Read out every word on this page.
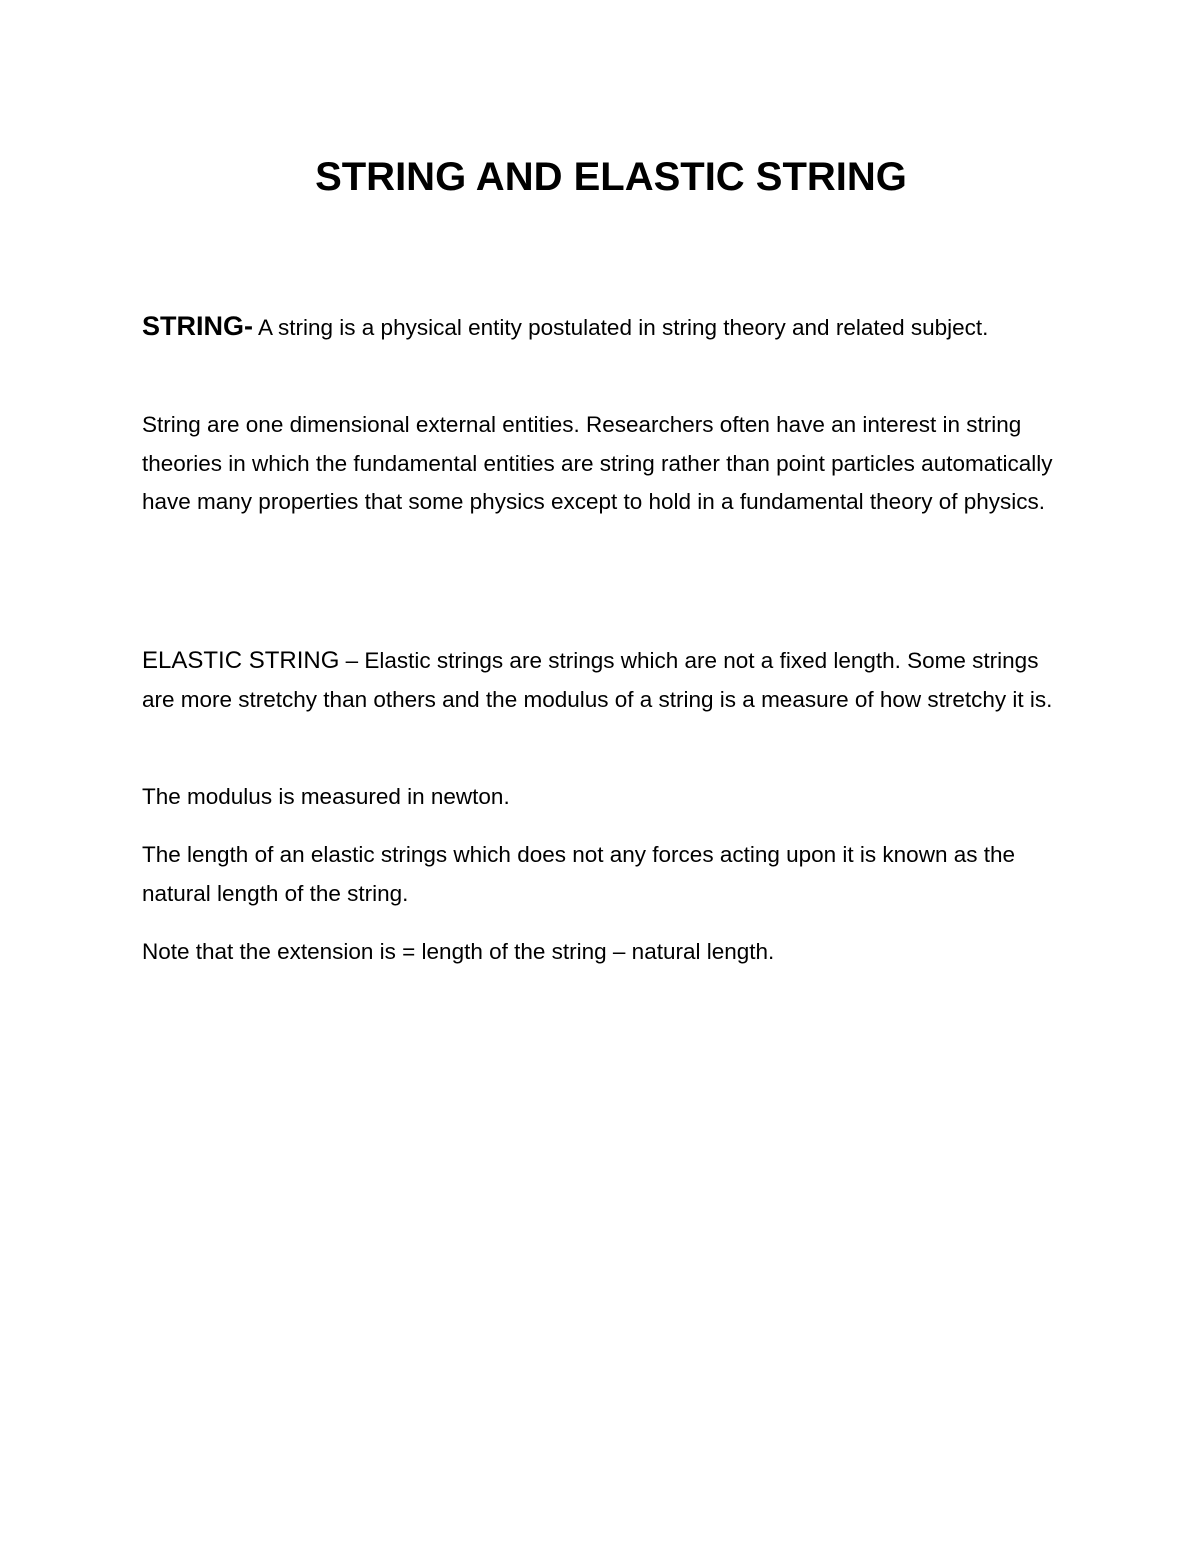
STRING AND ELASTIC STRING

STRING- A string is a physical entity postulated in string theory and related subject.

String are one dimensional external entities. Researchers often have an interest in string theories in which the fundamental entities are string rather than point particles automatically have many properties that some physics except to hold in a fundamental theory of physics.

ELASTIC STRING – Elastic strings are strings which are not a fixed length. Some strings are more stretchy than others and the modulus of a string is a measure of how stretchy it is.

The modulus is measured in newton.

The length of an elastic strings which does not any forces acting upon it is known as the natural length of the string.

Note that the extension is = length of the string – natural length.
